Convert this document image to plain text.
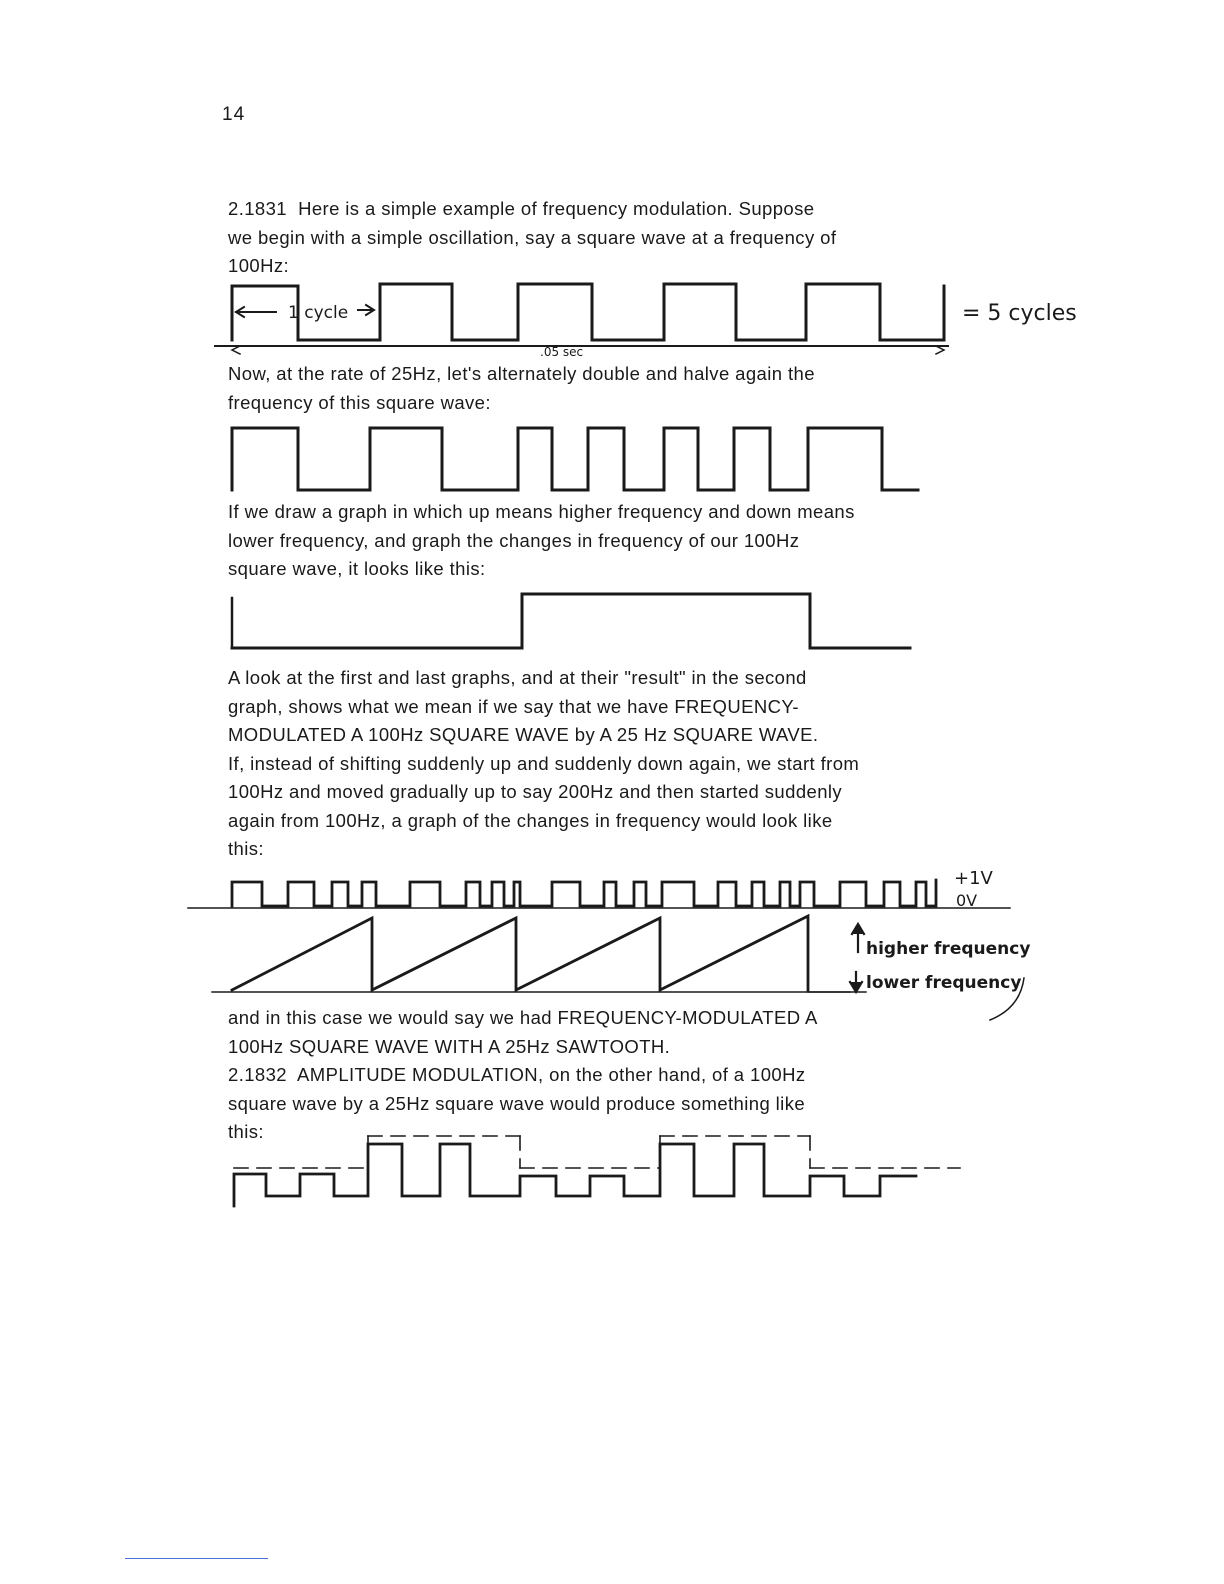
14

2.1831  Here is a simple example of frequency modulation. Suppose
we begin with a simple oscillation, say a square wave at a frequency of
100Hz:

Now, at the rate of 25Hz, let's alternately double and halve again the
frequency of this square wave:

If we draw a graph in which up means higher frequency and down means
lower frequency, and graph the changes in frequency of our 100Hz
square wave, it looks like this:

A look at the first and last graphs, and at their "result" in the second
graph, shows what we mean if we say that we have FREQUENCY-
MODULATED A 100Hz SQUARE WAVE by A 25 Hz SQUARE WAVE.
If, instead of shifting suddenly up and suddenly down again, we start from
100Hz and moved gradually up to say 200Hz and then started suddenly
again from 100Hz, a graph of the changes in frequency would look like
this:

and in this case we would say we had FREQUENCY-MODULATED A
100Hz SQUARE WAVE WITH A 25Hz SAWTOOTH.
2.1832  AMPLITUDE MODULATION, on the other hand, of a 100Hz
square wave by a 25Hz square wave would produce something like
this:

1 cycle
.05 sec
= 5 cycles
+1V
0V
higher frequency
lower frequency
